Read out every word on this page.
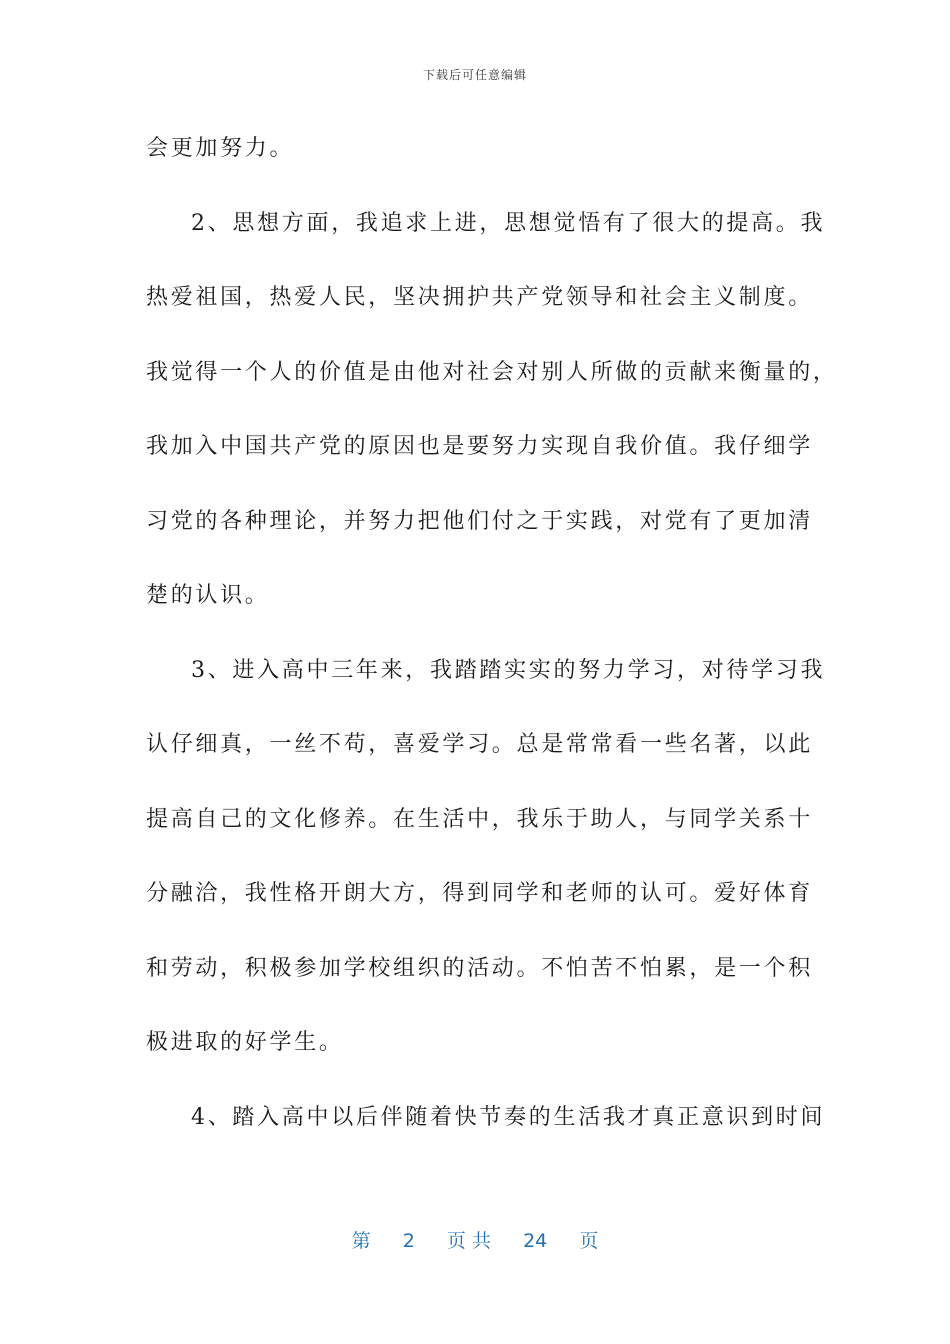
下载后可任意编辑
会更加努力。
2、思想方面，我追求上进，思想觉悟有了很大的提高。我
热爱祖国，热爱人民，坚决拥护共产党领导和社会主义制度。
我觉得一个人的价值是由他对社会对别人所做的贡献来衡量的，
我加入中国共产党的原因也是要努力实现自我价值。我仔细学
习党的各种理论，并努力把他们付之于实践，对党有了更加清
楚的认识。
3、进入高中三年来，我踏踏实实的努力学习，对待学习我
认仔细真，一丝不苟，喜爱学习。总是常常看一些名著，以此
提高自己的文化修养。在生活中，我乐于助人，与同学关系十
分融洽，我性格开朗大方，得到同学和老师的认可。爱好体育
和劳动，积极参加学校组织的活动。不怕苦不怕累，是一个积
极进取的好学生。
4、踏入高中以后伴随着快节奏的生活我才真正意识到时间
第 2 页 共 24 页
